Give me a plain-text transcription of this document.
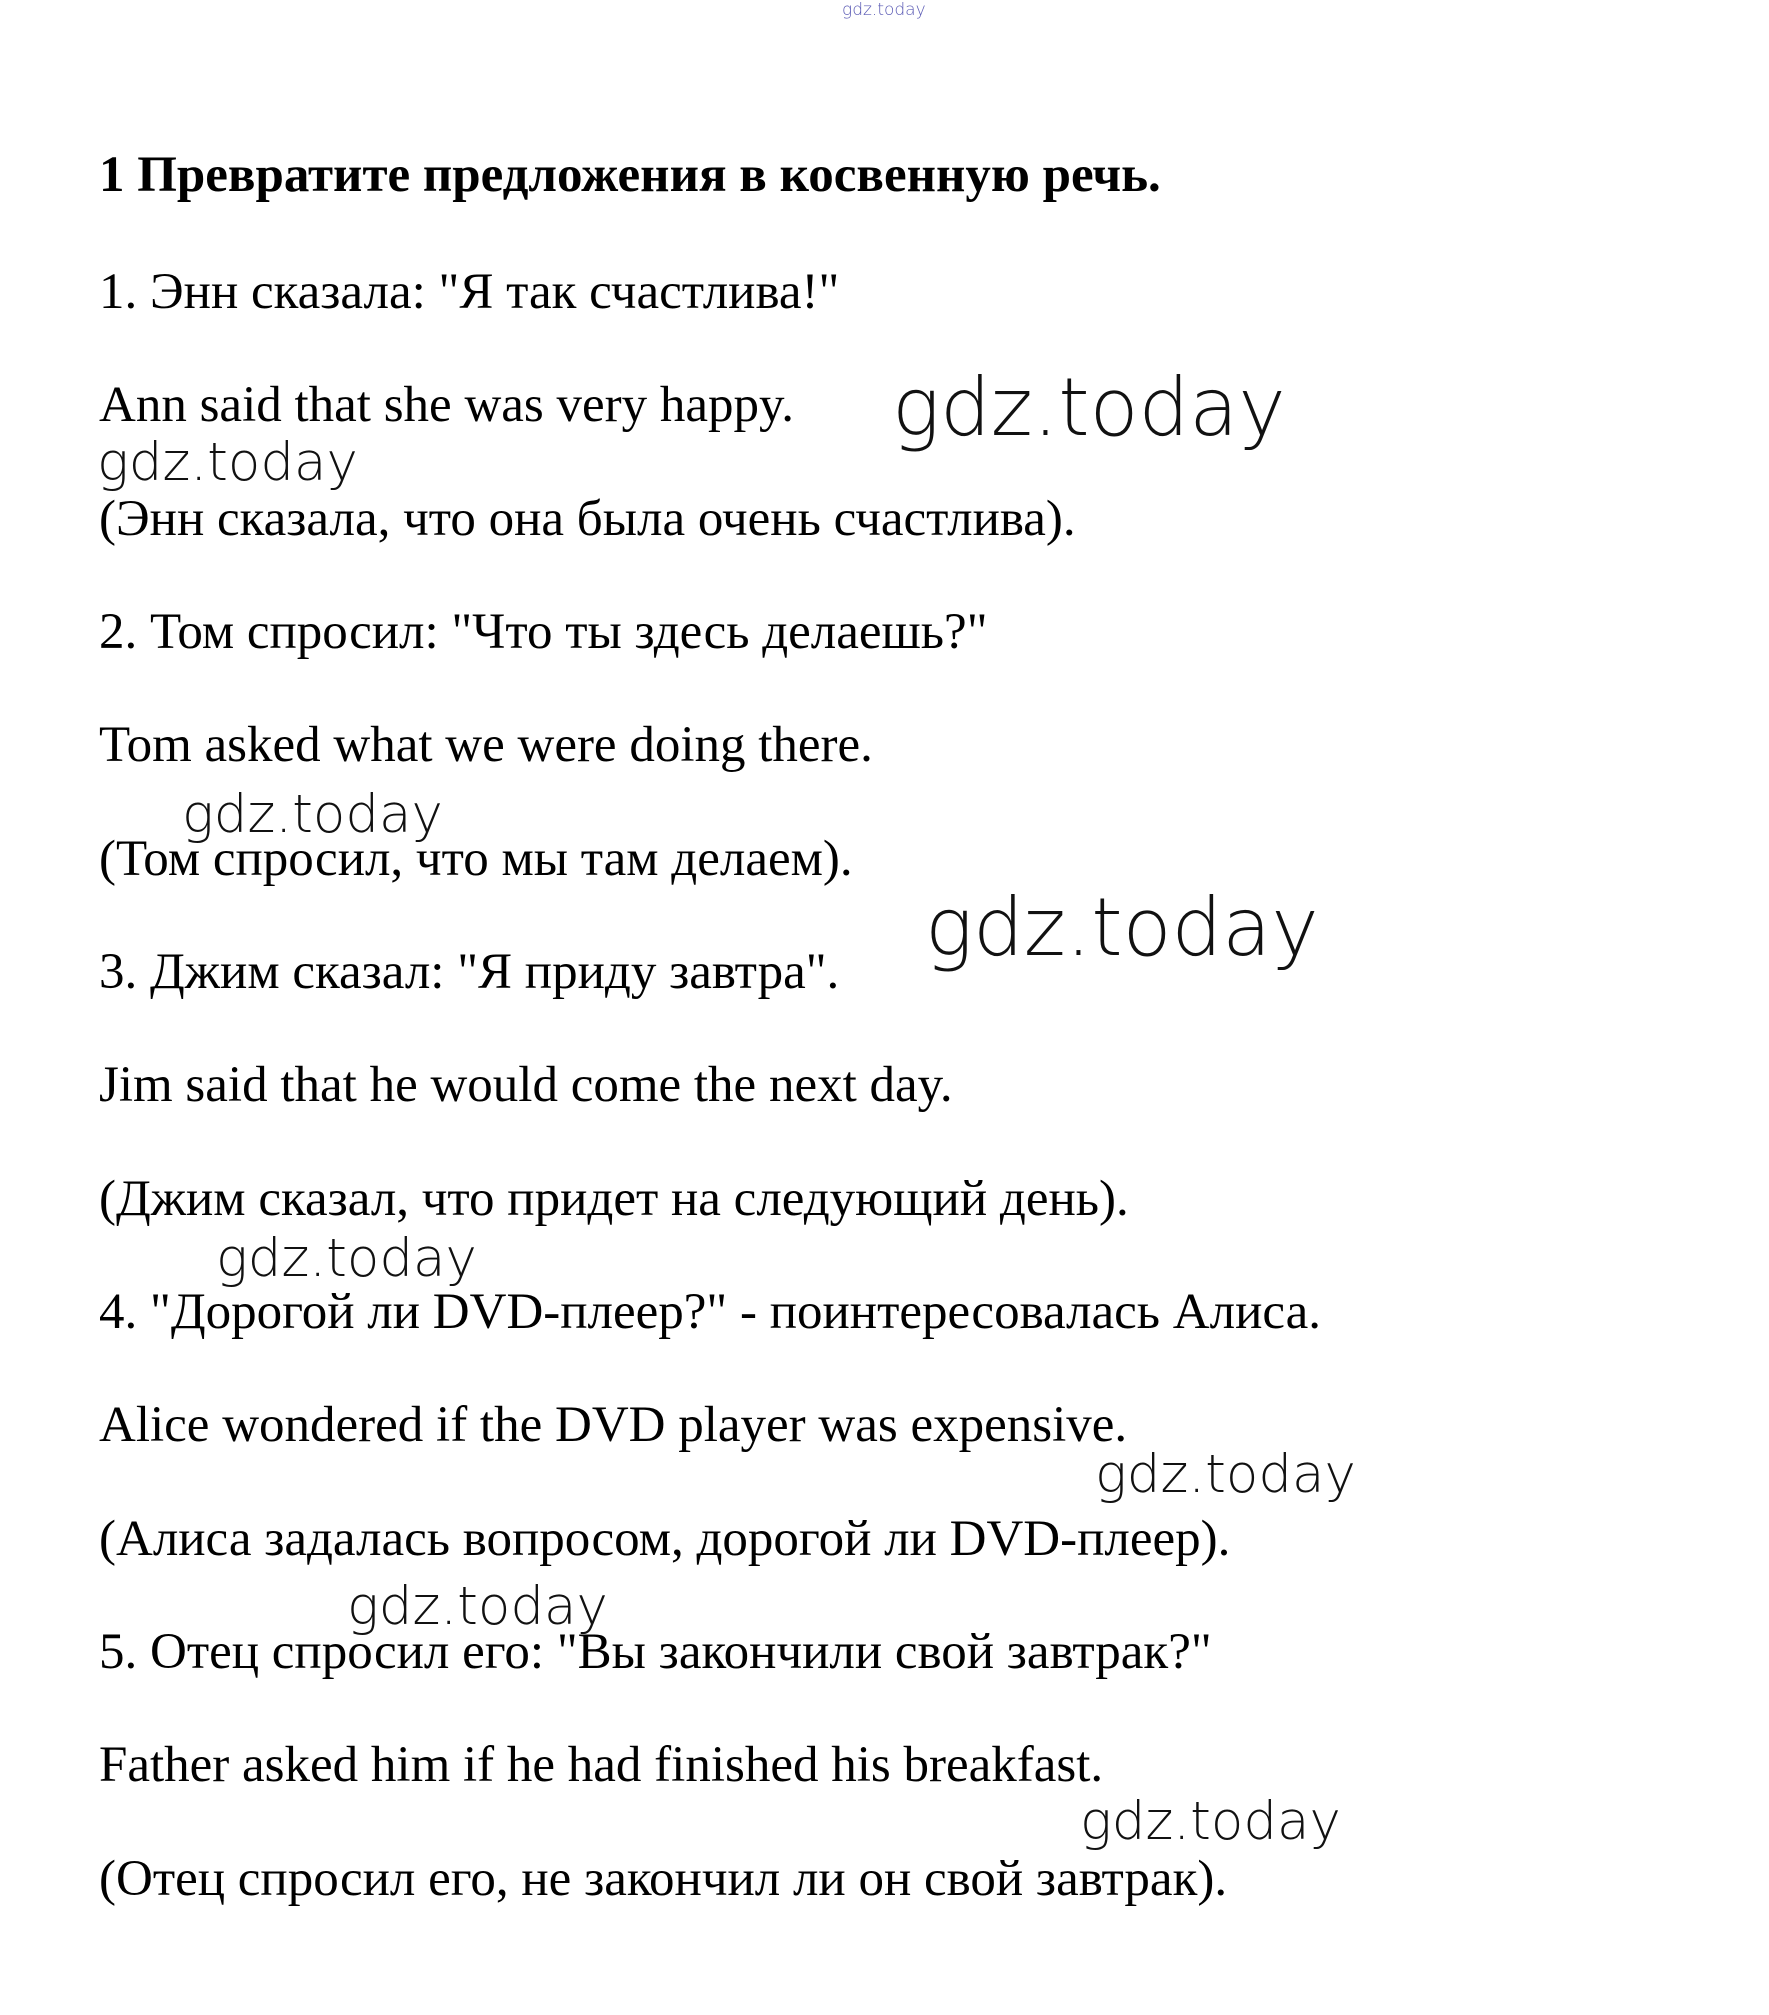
gdz.today
1 Превратите предложения в косвенную речь.
1. Энн сказала: "Я так счастлива!"
Ann said that she was very happy.
(Энн сказала, что она была очень счастлива).
2. Том спросил: "Что ты здесь делаешь?"
Tom asked what we were doing there.
(Том спросил, что мы там делаем).
3. Джим сказал: "Я приду завтра".
Jim said that he would come the next day.
(Джим сказал, что придет на следующий день).
4. "Дорогой ли DVD-плеер?" - поинтересовалась Алиса.
Alice wondered if the DVD player was expensive.
(Алиса задалась вопросом, дорогой ли DVD-плеер).
5. Отец спросил его: "Вы закончили свой завтрак?"
Father asked him if he had finished his breakfast.
(Отец спросил его, не закончил ли он свой завтрак).
gdz.today
gdz.today
gdz.today
gdz.today
gdz.today
gdz.today
gdz.today
gdz.today
